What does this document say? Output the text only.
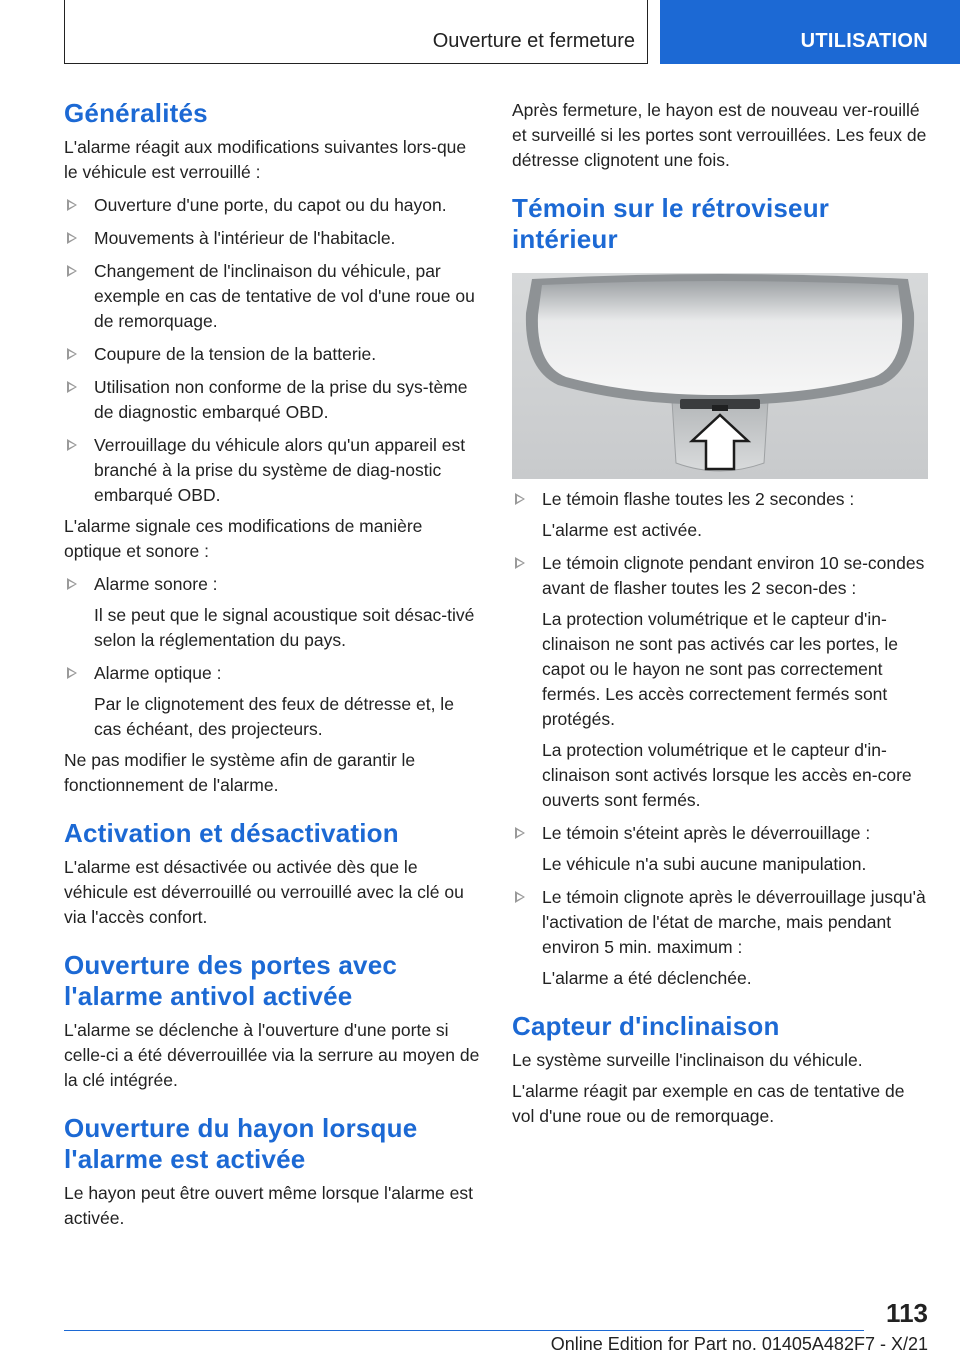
Ouverture et fermeture	UTILISATION
Généralités

L'alarme réagit aux modifications suivantes lors-que le véhicule est verrouillé :

Ouverture d'une porte, du capot ou du hayon.

Mouvements à l'intérieur de l'habitacle.

Changement de l'inclinaison du véhicule, par exemple en cas de tentative de vol d'une roue ou de remorquage.

Coupure de la tension de la batterie.

Utilisation non conforme de la prise du sys-tème de diagnostic embarqué OBD.

Verrouillage du véhicule alors qu'un appareil est branché à la prise du système de diag-nostic embarqué OBD.

L'alarme signale ces modifications de manière optique et sonore :

Alarme sonore :

Il se peut que le signal acoustique soit désac-tivé selon la réglementation du pays.

Alarme optique :

Par le clignotement des feux de détresse et, le cas échéant, des projecteurs.

Ne pas modifier le système afin de garantir le fonctionnement de l'alarme.

Activation et désactivation

L'alarme est désactivée ou activée dès que le véhicule est déverrouillé ou verrouillé avec la clé ou via l'accès confort.

Ouverture des portes avec l'alarme antivol activée

L'alarme se déclenche à l'ouverture d'une porte si celle-ci a été déverrouillée via la serrure au moyen de la clé intégrée.

Ouverture du hayon lorsque l'alarme est activée

Le hayon peut être ouvert même lorsque l'alarme est activée.

Après fermeture, le hayon est de nouveau ver-rouillé et surveillé si les portes sont verrouillées. Les feux de détresse clignotent une fois.

Témoin sur le rétroviseur intérieur

Le témoin flashe toutes les 2 secondes :

L'alarme est activée.

Le témoin clignote pendant environ 10 se-condes avant de flasher toutes les 2 secon-des :

La protection volumétrique et le capteur d'in-clinaison ne sont pas activés car les portes, le capot ou le hayon ne sont pas correctement fermés. Les accès correctement fermés sont protégés.

La protection volumétrique et le capteur d'in-clinaison sont activés lorsque les accès en-core ouverts sont fermés.

Le témoin s'éteint après le déverrouillage :

Le véhicule n'a subi aucune manipulation.

Le témoin clignote après le déverrouillage jusqu'à l'activation de l'état de marche, mais pendant environ 5 min. maximum :

L'alarme a été déclenchée.

Capteur d'inclinaison

Le système surveille l'inclinaison du véhicule.

L'alarme réagit par exemple en cas de tentative de vol d'une roue ou de remorquage.

113
Online Edition for Part no. 01405A482F7 - X/21
